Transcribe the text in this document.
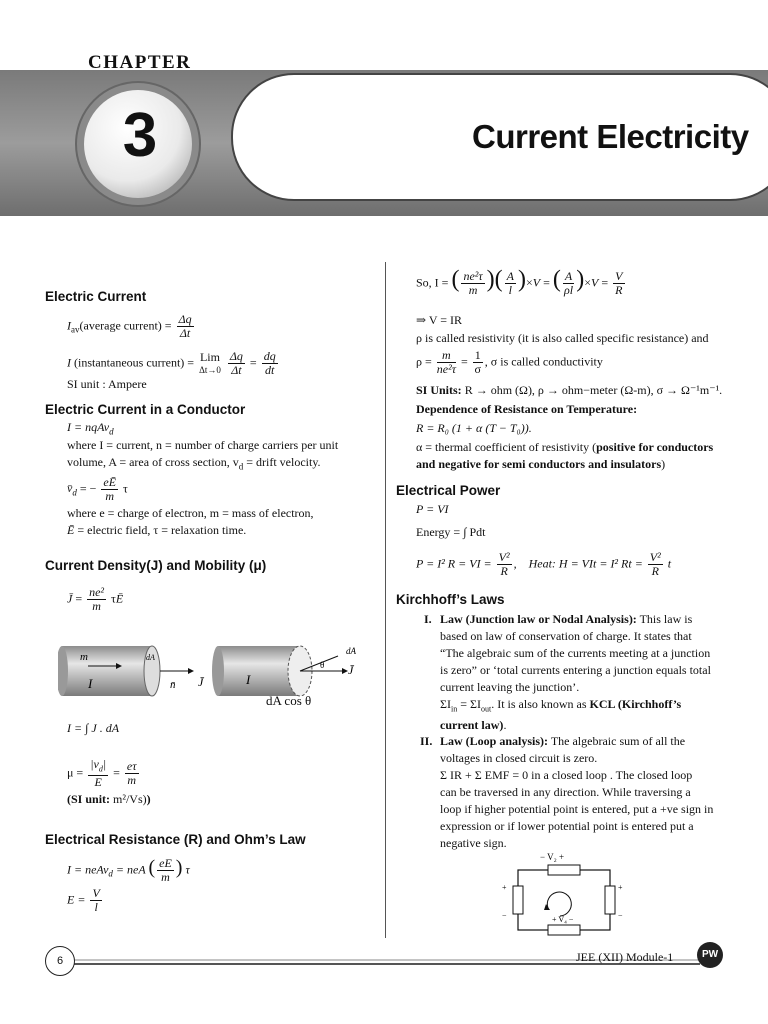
CHAPTER
3	Current Electricity
Electric Current
$I_{av}(average$ current) = $\frac{\Delta q}{\Delta t}$
I (instantaneous current) = Lim
Δt→0
$\frac{\Delta q}{\Delta t} = \frac{dq}{dt}$
SI unit : Ampere
Electric Current in a Conductor
I = nqAv$_d$
where I = current, n = number of charge carriers per unit
volume, A = area of cross section, $v_d$ = drift velocity.
$v̄_d$ = − $\frac{eĒ}{m}$ τ
where e = charge of electron, m = mass of electron,
Ē = electric field, τ = relaxation time.
Current Density(J) and Mobility (μ)
J̄ = $\frac{\text{ne²}}{m}$ τĒ
m
I
dA
n̄ J̄	I
dA
J̄
θ
dA cos θ
I = ∫ J . dA
$\mu = \frac{|v_d|}{E} = \frac{e\tau}{m}$
(SI unit: m²/Vs))
Electrical Resistance (R) and Ohm’s Law
I = neAv$_d$ = neA ( $\frac{eE}{m}$ ) τ
$E = \frac{V}{l}$
So, I = ( $\frac{\text{ne²τ}}{m}$ )( $\frac{A}{l} )\times V$ = ( $\frac{A}{\rho l} )\times V = \frac{V}{R}$
⇒ V = IR
ρ is called resistivity (it is also called specific resistance) and
$\rho = \frac{m}{\text{ne²τ}} = \frac{1}{\sigma}$ , σ is called conductivity
SI Units: R → ohm (Ω), ρ → ohm−meter (Ω-m), σ → Ω⁻¹m⁻¹.
Dependence of Resistance on Temperature:
R = R₀ (1 + α (T − T₀)).
α = thermal coefficient of resistivity (positive for conductors
and negative for semi conductors and insulators)
Electrical Power
P = VI
Energy = ∫ Pdt
P = I² R = VI = $\frac{\text{V²}}{R}$ ,    Heat: H = VIt = I² $Rt = \frac{\text{V²}}{R}$ t
Kirchhoff’s Laws
I. Law (Junction law or Nodal Analysis): This law is
based on law of conservation of charge. It states that
“The algebraic sum of the currents meeting at a junction
is zero” or ‘total currents entering a junction equals total
current leaving the junction’.
$\Sigma I_{in} = \Sigma I_{out}$. It is also known as KCL (Kirchhoff’s
current law).
II. Law (Loop analysis): The algebraic sum of all the
voltages in closed circuit is zero.
Σ IR + Σ EMF = 0 in a closed loop . The closed loop
can be traversed in any direction. While traversing a
loop if higher potential point is entered, put a +ve sign in
expression or if lower potential point is entered put a
negative sign.
− V₂ +
+ V₄ −
+
−
+
−
6	JEE (XII) Module-1	PW
